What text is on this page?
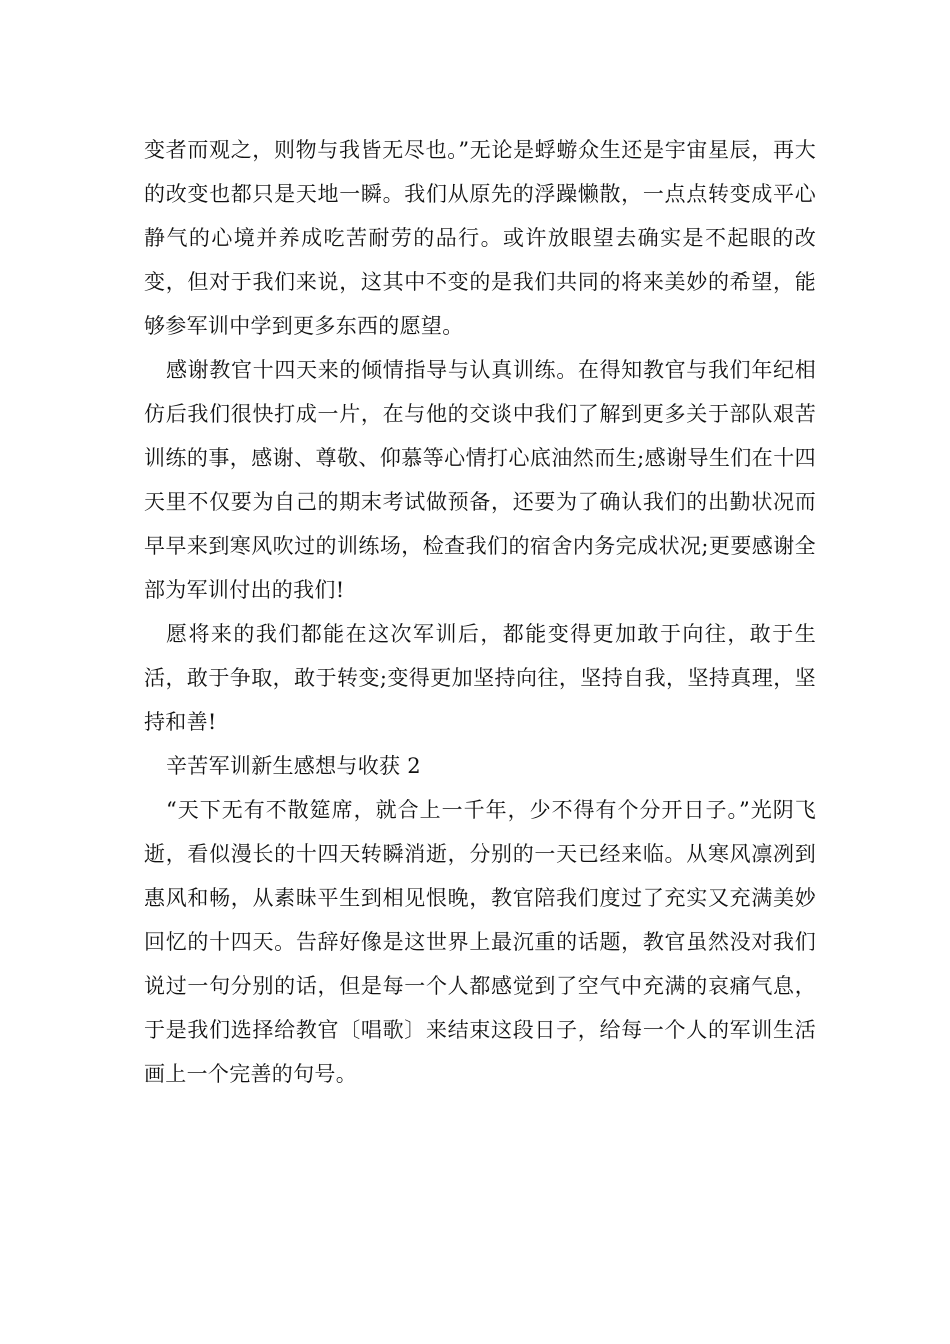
变者而观之，则物与我皆无尽也。”无论是蜉蝣众生还是宇宙星辰，再大的改变也都只是天地一瞬。我们从原先的浮躁懒散，一点点转变成平心静气的心境并养成吃苦耐劳的品行。或许放眼望去确实是不起眼的改变，但对于我们来说，这其中不变的是我们共同的将来美妙的希望，能够参军训中学到更多东西的愿望。

感谢教官十四天来的倾情指导与认真训练。在得知教官与我们年纪相仿后我们很快打成一片，在与他的交谈中我们了解到更多关于部队艰苦训练的事，感谢、尊敬、仰慕等心情打心底油然而生;感谢导生们在十四天里不仅要为自己的期末考试做预备，还要为了确认我们的出勤状况而早早来到寒风吹过的训练场，检查我们的宿舍内务完成状况;更要感谢全部为军训付出的我们!

愿将来的我们都能在这次军训后，都能变得更加敢于向往，敢于生活，敢于争取，敢于转变;变得更加坚持向往，坚持自我，坚持真理，坚持和善!

辛苦军训新生感想与收获 2

“天下无有不散筵席，就合上一千年，少不得有个分开日子。”光阴飞逝，看似漫长的十四天转瞬消逝，分别的一天已经来临。从寒风凛冽到惠风和畅，从素昧平生到相见恨晚，教官陪我们度过了充实又充满美妙回忆的十四天。告辞好像是这世界上最沉重的话题，教官虽然没对我们说过一句分别的话，但是每一个人都感觉到了空气中充满的哀痛气息，于是我们选择给教官〔唱歌〕来结束这段日子，给每一个人的军训生活画上一个完善的句号。
